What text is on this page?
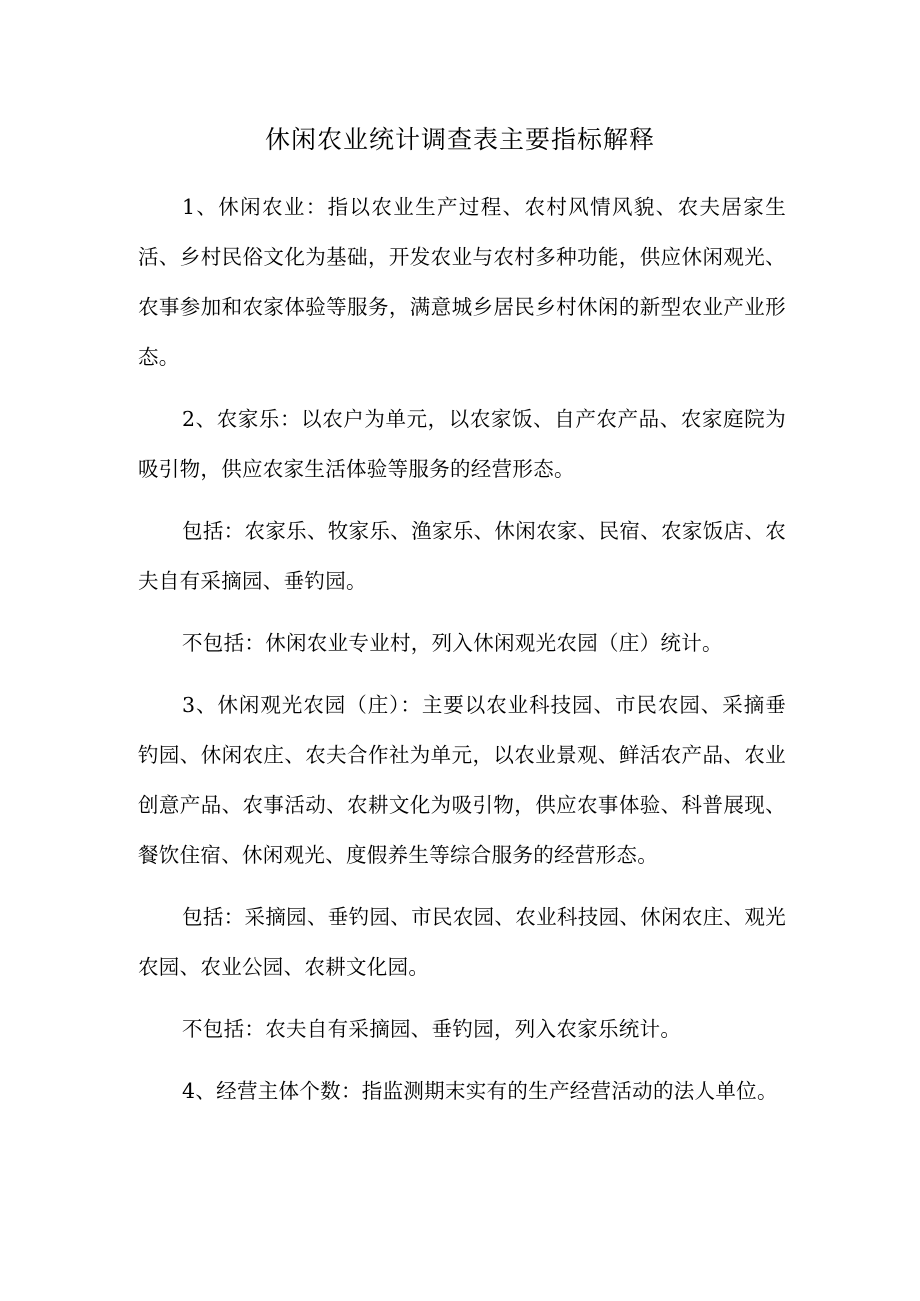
休闲农业统计调查表主要指标解释

1、休闲农业：指以农业生产过程、农村风情风貌、农夫居家生活、乡村民俗文化为基础，开发农业与农村多种功能，供应休闲观光、农事参加和农家体验等服务，满意城乡居民乡村休闲的新型农业产业形态。

2、农家乐：以农户为单元，以农家饭、自产农产品、农家庭院为吸引物，供应农家生活体验等服务的经营形态。

包括：农家乐、牧家乐、渔家乐、休闲农家、民宿、农家饭店、农夫自有采摘园、垂钓园。

不包括：休闲农业专业村，列入休闲观光农园（庄）统计。

3、休闲观光农园（庄）：主要以农业科技园、市民农园、采摘垂钓园、休闲农庄、农夫合作社为单元，以农业景观、鲜活农产品、农业创意产品、农事活动、农耕文化为吸引物，供应农事体验、科普展现、餐饮住宿、休闲观光、度假养生等综合服务的经营形态。

包括：采摘园、垂钓园、市民农园、农业科技园、休闲农庄、观光农园、农业公园、农耕文化园。

不包括：农夫自有采摘园、垂钓园，列入农家乐统计。

4、经营主体个数：指监测期末实有的生产经营活动的法人单位。
